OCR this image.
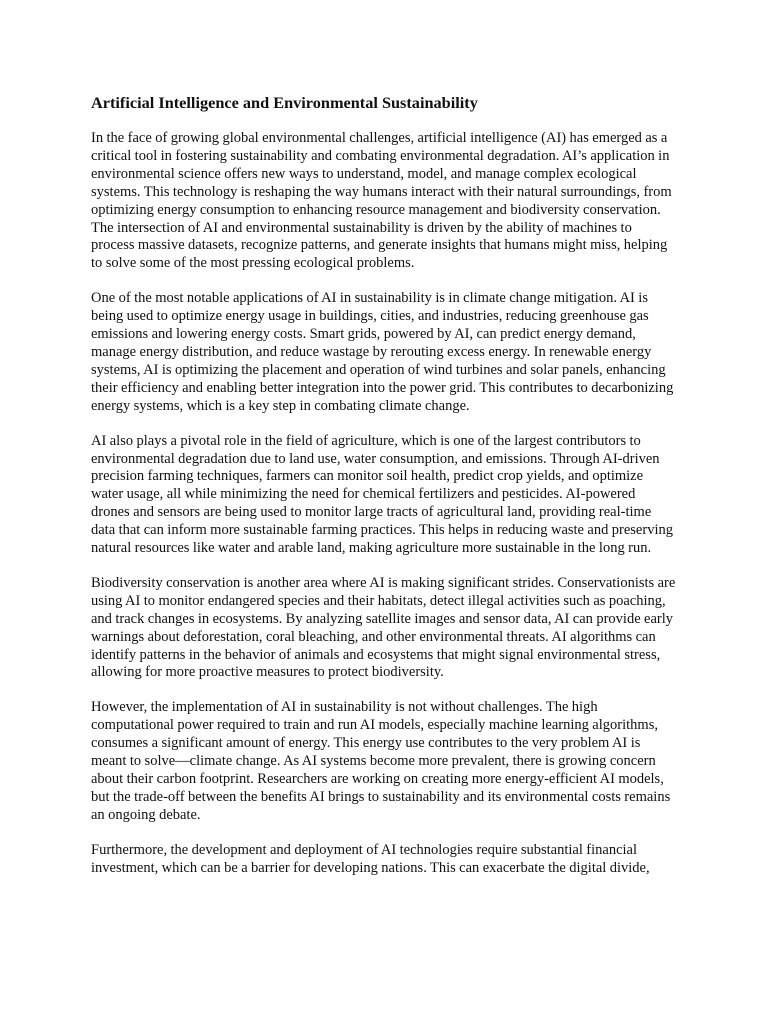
Artificial Intelligence and Environmental Sustainability

In the face of growing global environmental challenges, artificial intelligence (AI) has emerged as a critical tool in fostering sustainability and combating environmental degradation. AI’s application in environmental science offers new ways to understand, model, and manage complex ecological systems. This technology is reshaping the way humans interact with their natural surroundings, from optimizing energy consumption to enhancing resource management and biodiversity conservation. The intersection of AI and environmental sustainability is driven by the ability of machines to process massive datasets, recognize patterns, and generate insights that humans might miss, helping to solve some of the most pressing ecological problems.

One of the most notable applications of AI in sustainability is in climate change mitigation. AI is being used to optimize energy usage in buildings, cities, and industries, reducing greenhouse gas emissions and lowering energy costs. Smart grids, powered by AI, can predict energy demand, manage energy distribution, and reduce wastage by rerouting excess energy. In renewable energy systems, AI is optimizing the placement and operation of wind turbines and solar panels, enhancing their efficiency and enabling better integration into the power grid. This contributes to decarbonizing energy systems, which is a key step in combating climate change.

AI also plays a pivotal role in the field of agriculture, which is one of the largest contributors to environmental degradation due to land use, water consumption, and emissions. Through AI-driven precision farming techniques, farmers can monitor soil health, predict crop yields, and optimize water usage, all while minimizing the need for chemical fertilizers and pesticides. AI-powered drones and sensors are being used to monitor large tracts of agricultural land, providing real-time data that can inform more sustainable farming practices. This helps in reducing waste and preserving natural resources like water and arable land, making agriculture more sustainable in the long run.

Biodiversity conservation is another area where AI is making significant strides. Conservationists are using AI to monitor endangered species and their habitats, detect illegal activities such as poaching, and track changes in ecosystems. By analyzing satellite images and sensor data, AI can provide early warnings about deforestation, coral bleaching, and other environmental threats. AI algorithms can identify patterns in the behavior of animals and ecosystems that might signal environmental stress, allowing for more proactive measures to protect biodiversity.

However, the implementation of AI in sustainability is not without challenges. The high computational power required to train and run AI models, especially machine learning algorithms, consumes a significant amount of energy. This energy use contributes to the very problem AI is meant to solve—climate change. As AI systems become more prevalent, there is growing concern about their carbon footprint. Researchers are working on creating more energy-efficient AI models, but the trade-off between the benefits AI brings to sustainability and its environmental costs remains an ongoing debate.

Furthermore, the development and deployment of AI technologies require substantial financial investment, which can be a barrier for developing nations. This can exacerbate the digital divide,
